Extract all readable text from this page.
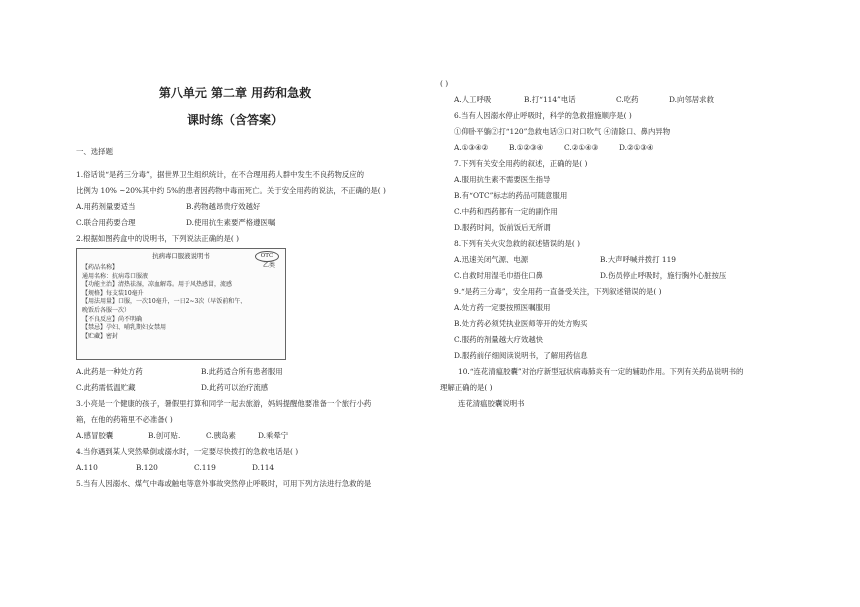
第八单元 第二章 用药和急救
课时练（含答案）

一、选择题

1.俗话说“是药三分毒”，据世界卫生组织统计，在不合理用药人群中发生不良药物反应的

比例为 10% ~20%其中约 5%的患者因药物中毒而死亡。关于安全用药的说法，不正确的是( )

A.用药剂量要适当	B.药物越昂贵疗效越好
C.联合用药要合理	D.使用抗生素要严格遵医嘱

2.根据如图药盒中的说明书，下列说法正确的是( )

抗病毒口服液说明书	OTC
乙类
【药品名称】
通用名称：抗病毒口服液
【功能主治】清热祛湿，凉血解毒。用于风热感冒，流感
【规格】每支装10毫升
【用法用量】口服，一次10毫升，一日2~3次（早饭前和午、
晚饭后各服一次）
【不良反应】尚不明确
【禁忌】孕妇、哺乳期妇女禁用
【贮藏】密封
A.此药是一种处方药	B.此药适合所有患者服用
C.此药需低温贮藏	D.此药可以治疗流感

3.小亮是一个健康的孩子，暑假里打算和同学一起去旅游，妈妈提醒他要准备一个旅行小药

箱，在他的药箱里不必准备( )

A.感冒胶囊	B.创可贴.	C.胰岛素	D.乘晕宁

4.当你遇到某人突然晕倒或溺水时，一定要尽快拨打的急救电话是( )

A.110	B.120	C.119	D.114

5.当有人因溺水、煤气中毒或触电等意外事故突然停止呼吸时，可用下列方法进行急救的是

( )

A.人工呼吸	B.打“114”电话	C.吃药	D.向邻居求救

6.当有人因溺水停止呼吸时，科学的急救措施顺序是( )

①仰卧平躺②打“120”急救电话③口对口吹气 ④清除口、鼻内异物

A.①③④②	B.①②③④	C.②①④③	D.②①③④

7.下列有关安全用药的叙述，正确的是( )

A.服用抗生素不需要医生指导

B.有“OTC”标志的药品可随意服用

C.中药和西药都有一定的副作用

D.服药时间，饭前饭后无所谓

8.下列有关火灾急救的叙述错误的是( )

A.迅速关闭气源、电源	B.大声呼喊并拨打 119
C.自救时用湿毛巾捂住口鼻	D.伤员停止呼吸时，施行胸外心脏按压

9.“是药三分毒”，安全用药一直备受关注，下列叙述错误的是( )

A.处方药一定要按照医嘱服用

B.处方药必须凭执业医师等开的处方购买

C.服药的剂量越大疗效越快

D.服药前仔细阅读说明书，了解用药信息

10.“连花清瘟胶囊”对治疗新型冠状病毒肺炎有一定的辅助作用。下列有关药品说明书的

理解正确的是( )

连花清瘟胶囊说明书
